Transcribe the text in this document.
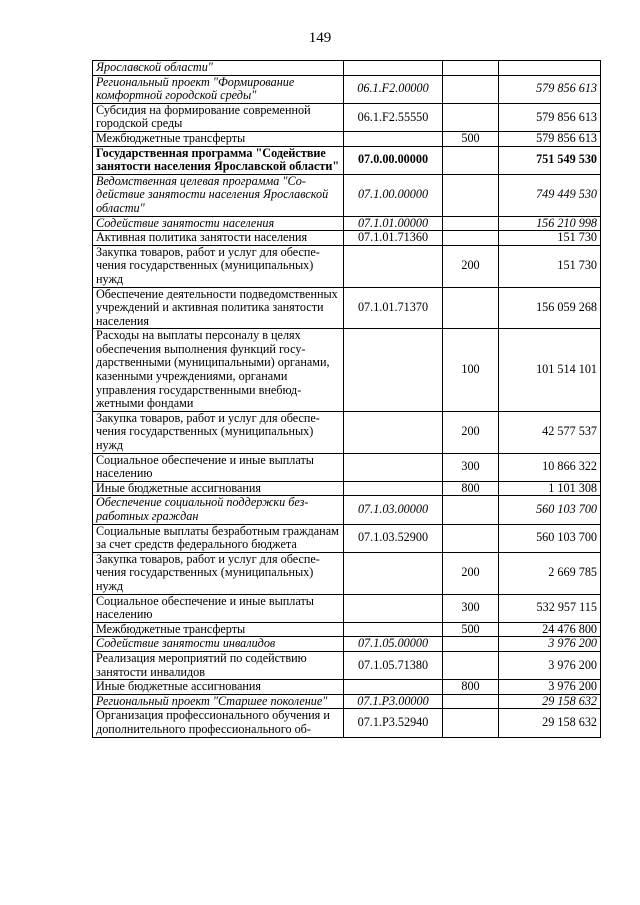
149
Ярославской области"			
Региональный проект "Формирование комфортной городской среды"	06.1.F2.00000		579 856 613
Субсидия на формирование современной городской среды	06.1.F2.55550		579 856 613
Межбюджетные трансферты		500	579 856 613
Государственная программа "Содействие занятости населения Ярославской области"	07.0.00.00000		751 549 530
Ведомственная целевая программа "Содействие занятости населения Ярославской области"	07.1.00.00000		749 449 530
Содействие занятости населения	07.1.01.00000		156 210 998
Активная политика занятости населения	07.1.01.71360		151 730
Закупка товаров, работ и услуг для обеспечения государственных (муниципальных) нужд		200	151 730
Обеспечение деятельности подведомственных учреждений и активная политика занятости населения	07.1.01.71370		156 059 268
Расходы на выплаты персоналу в целях обеспечения выполнения функций государственными (муниципальными) органами, казенными учреждениями, органами управления государственными внебюджетными фондами		100	101 514 101
Закупка товаров, работ и услуг для обеспечения государственных (муниципальных) нужд		200	42 577 537
Социальное обеспечение и иные выплаты населению		300	10 866 322
Иные бюджетные ассигнования		800	1 101 308
Обеспечение социальной поддержки безработных граждан	07.1.03.00000		560 103 700
Социальные выплаты безработным гражданам за счет средств федерального бюджета	07.1.03.52900		560 103 700
Закупка товаров, работ и услуг для обеспечения государственных (муниципальных) нужд		200	2 669 785
Социальное обеспечение и иные выплаты населению		300	532 957 115
Межбюджетные трансферты		500	24 476 800
Содействие занятости инвалидов	07.1.05.00000		3 976 200
Реализация мероприятий по содействию занятости инвалидов	07.1.05.71380		3 976 200
Иные бюджетные ассигнования		800	3 976 200
Региональный проект "Старшее поколение"	07.1.P3.00000		29 158 632
Организация профессионального обучения и дополнительного профессионального об-	07.1.P3.52940		29 158 632
